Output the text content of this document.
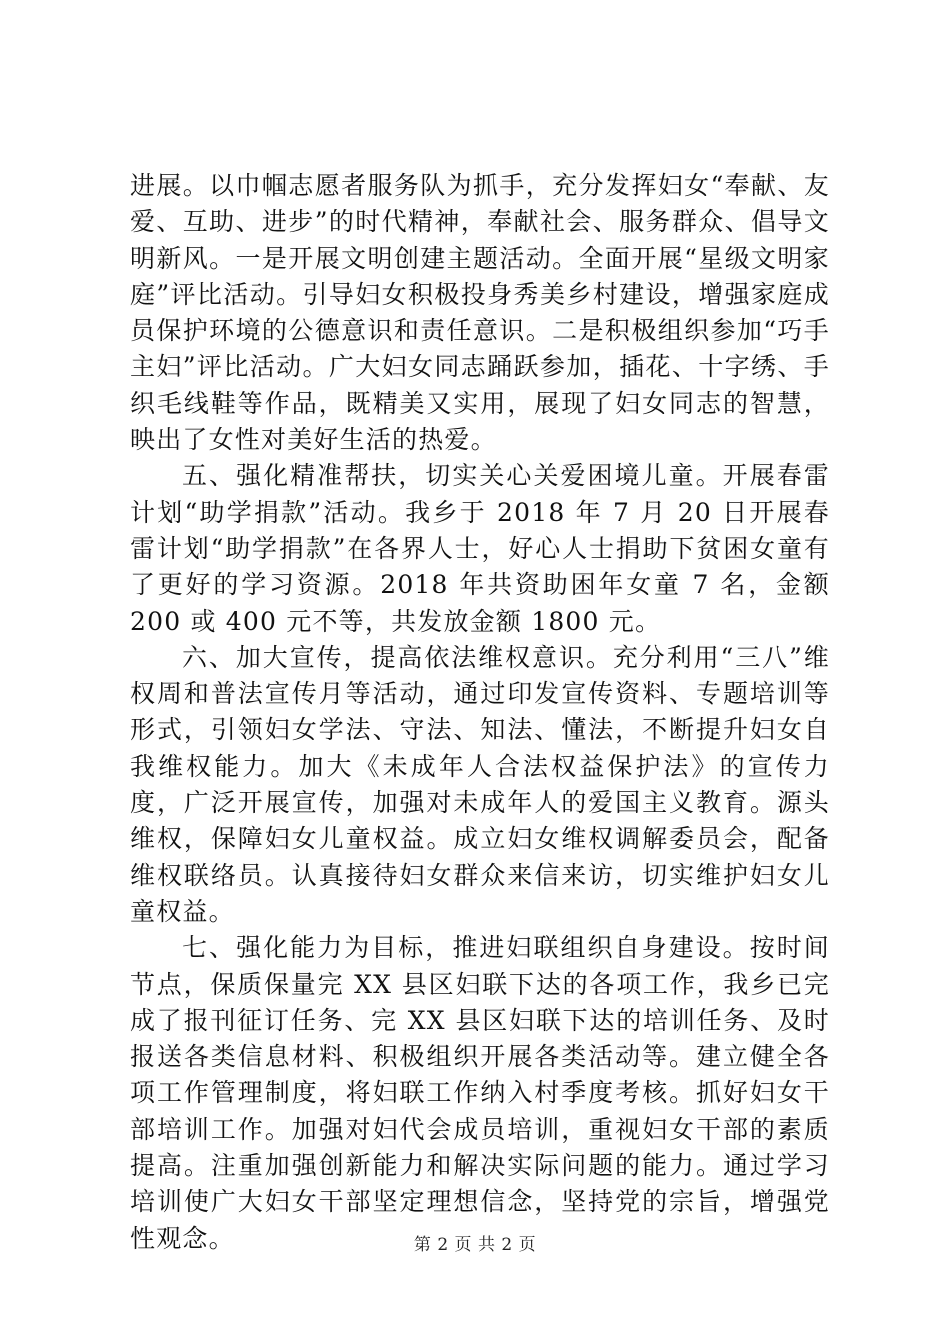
进展。以巾帼志愿者服务队为抓手，充分发挥妇女“奉献、友爱、互助、进步”的时代精神，奉献社会、服务群众、倡导文明新风。一是开展文明创建主题活动。全面开展“星级文明家庭”评比活动。引导妇女积极投身秀美乡村建设，增强家庭成员保护环境的公德意识和责任意识。二是积极组织参加“巧手主妇”评比活动。广大妇女同志踊跃参加，插花、十字绣、手织毛线鞋等作品，既精美又实用，展现了妇女同志的智慧，映出了女性对美好生活的热爱。

五、强化精准帮扶，切实关心关爱困境儿童。开展春雷计划“助学捐款”活动。我乡于 2018 年 7 月 20 日开展春雷计划“助学捐款”在各界人士，好心人士捐助下贫困女童有了更好的学习资源。2018 年共资助困年女童 7 名，金额 200 或 400 元不等，共发放金额 1800 元。

六、加大宣传，提高依法维权意识。充分利用“三八”维权周和普法宣传月等活动，通过印发宣传资料、专题培训等形式，引领妇女学法、守法、知法、懂法，不断提升妇女自我维权能力。加大《未成年人合法权益保护法》的宣传力度，广泛开展宣传，加强对未成年人的爱国主义教育。源头维权，保障妇女儿童权益。成立妇女维权调解委员会，配备维权联络员。认真接待妇女群众来信来访，切实维护妇女儿童权益。

七、强化能力为目标，推进妇联组织自身建设。按时间节点，保质保量完 XX 县区妇联下达的各项工作，我乡已完成了报刊征订任务、完 XX 县区妇联下达的培训任务、及时报送各类信息材料、积极组织开展各类活动等。建立健全各项工作管理制度，将妇联工作纳入村季度考核。抓好妇女干部培训工作。加强对妇代会成员培训，重视妇女干部的素质提高。注重加强创新能力和解决实际问题的能力。通过学习培训使广大妇女干部坚定理想信念，坚持党的宗旨，增强党性观念。	第 2 页 共 2 页
